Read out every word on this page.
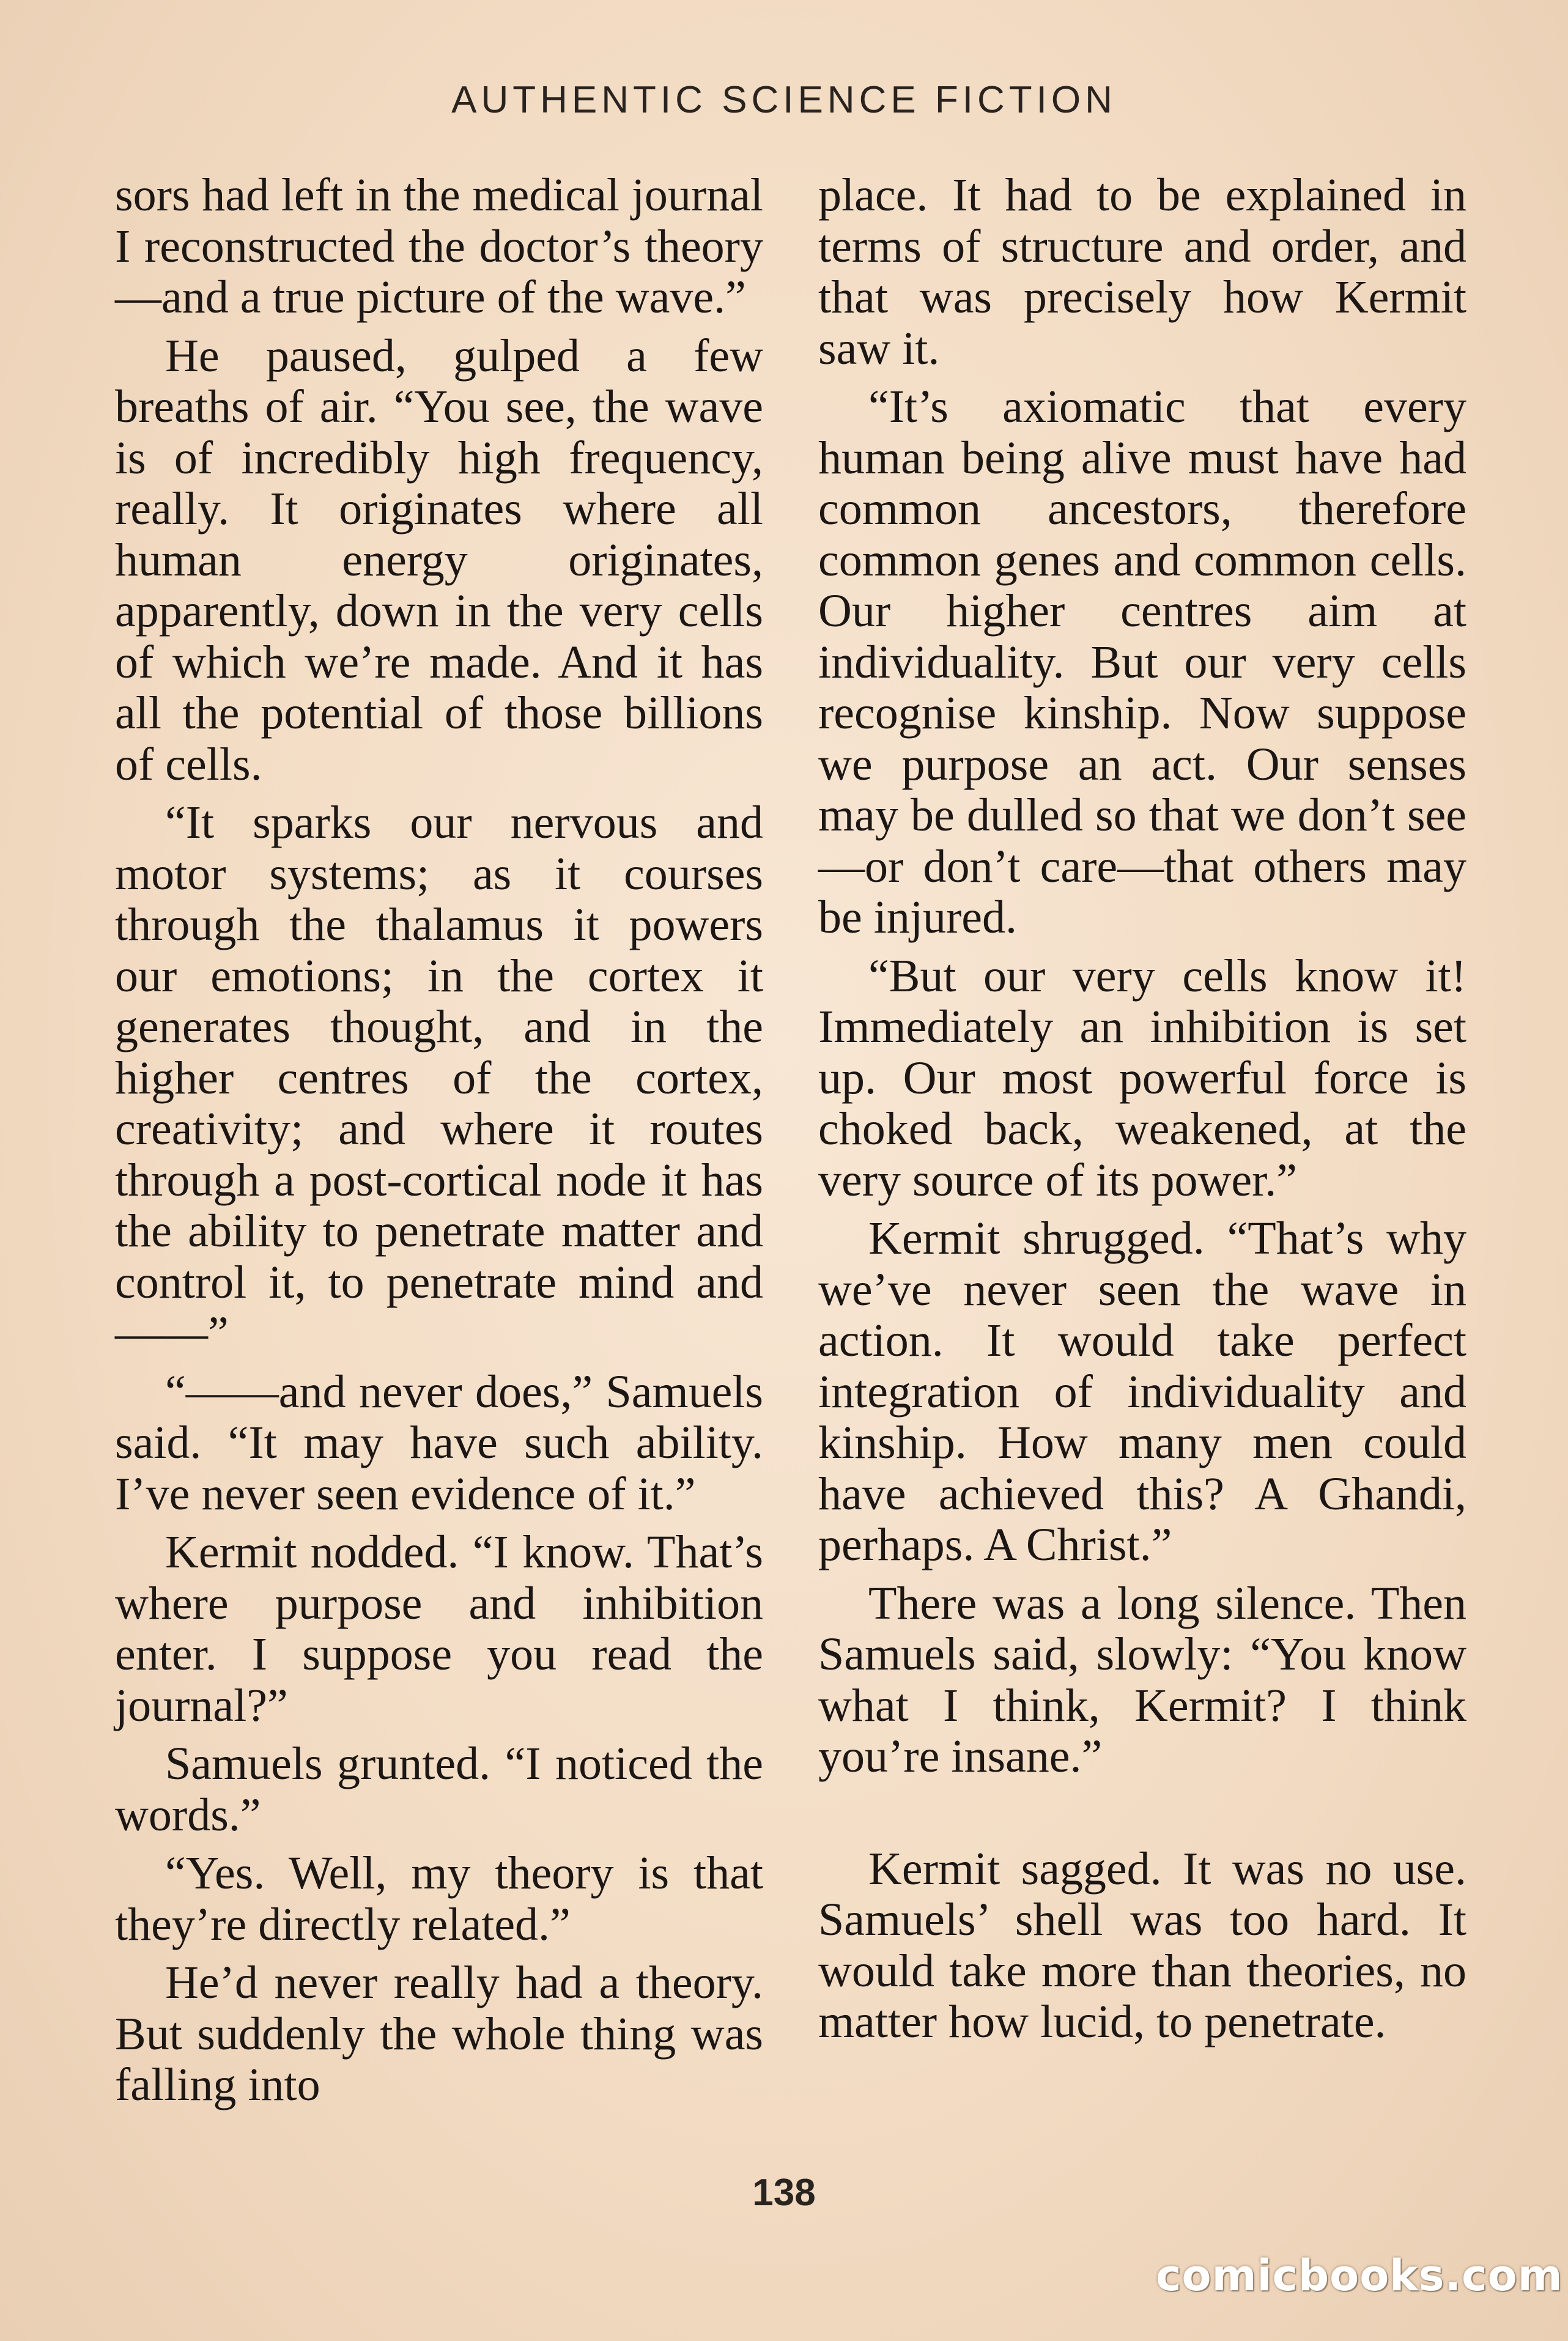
AUTHENTIC SCIENCE FICTION

sors had left in the medical journal I reconstructed the doctor’s theory—and a true picture of the wave.”

He paused, gulped a few breaths of air. “You see, the wave is of incredibly high frequency, really. It originates where all human energy originates, apparently, down in the very cells of which we’re made. And it has all the potential of those billions of cells.

“It sparks our nervous and motor systems; as it courses through the thalamus it powers our emotions; in the cortex it generates thought, and in the higher centres of the cortex, creativity; and where it routes through a post-cortical node it has the ability to penetrate matter and control it, to penetrate mind and——”

“——and never does,” Samuels said. “It may have such ability. I’ve never seen evidence of it.”

Kermit nodded. “I know. That’s where purpose and inhibition enter. I suppose you read the journal?”

Samuels grunted. “I noticed the words.”

“Yes. Well, my theory is that they’re directly related.”

He’d never really had a theory. But suddenly the whole thing was falling into

place. It had to be explained in terms of structure and order, and that was precisely how Kermit saw it.

“It’s axiomatic that every human being alive must have had common ancestors, therefore common genes and common cells. Our higher centres aim at individuality. But our very cells recognise kinship. Now suppose we purpose an act. Our senses may be dulled so that we don’t see—or don’t care—that others may be injured.

“But our very cells know it! Immediately an inhibition is set up. Our most powerful force is choked back, weakened, at the very source of its power.”

Kermit shrugged. “That’s why we’ve never seen the wave in action. It would take perfect integration of individuality and kinship. How many men could have achieved this? A Ghandi, perhaps. A Christ.”

There was a long silence. Then Samuels said, slowly: “You know what I think, Kermit? I think you’re insane.”

Kermit sagged. It was no use. Samuels’ shell was too hard. It would take more than theories, no matter how lucid, to penetrate.

138
comicbooks.com
